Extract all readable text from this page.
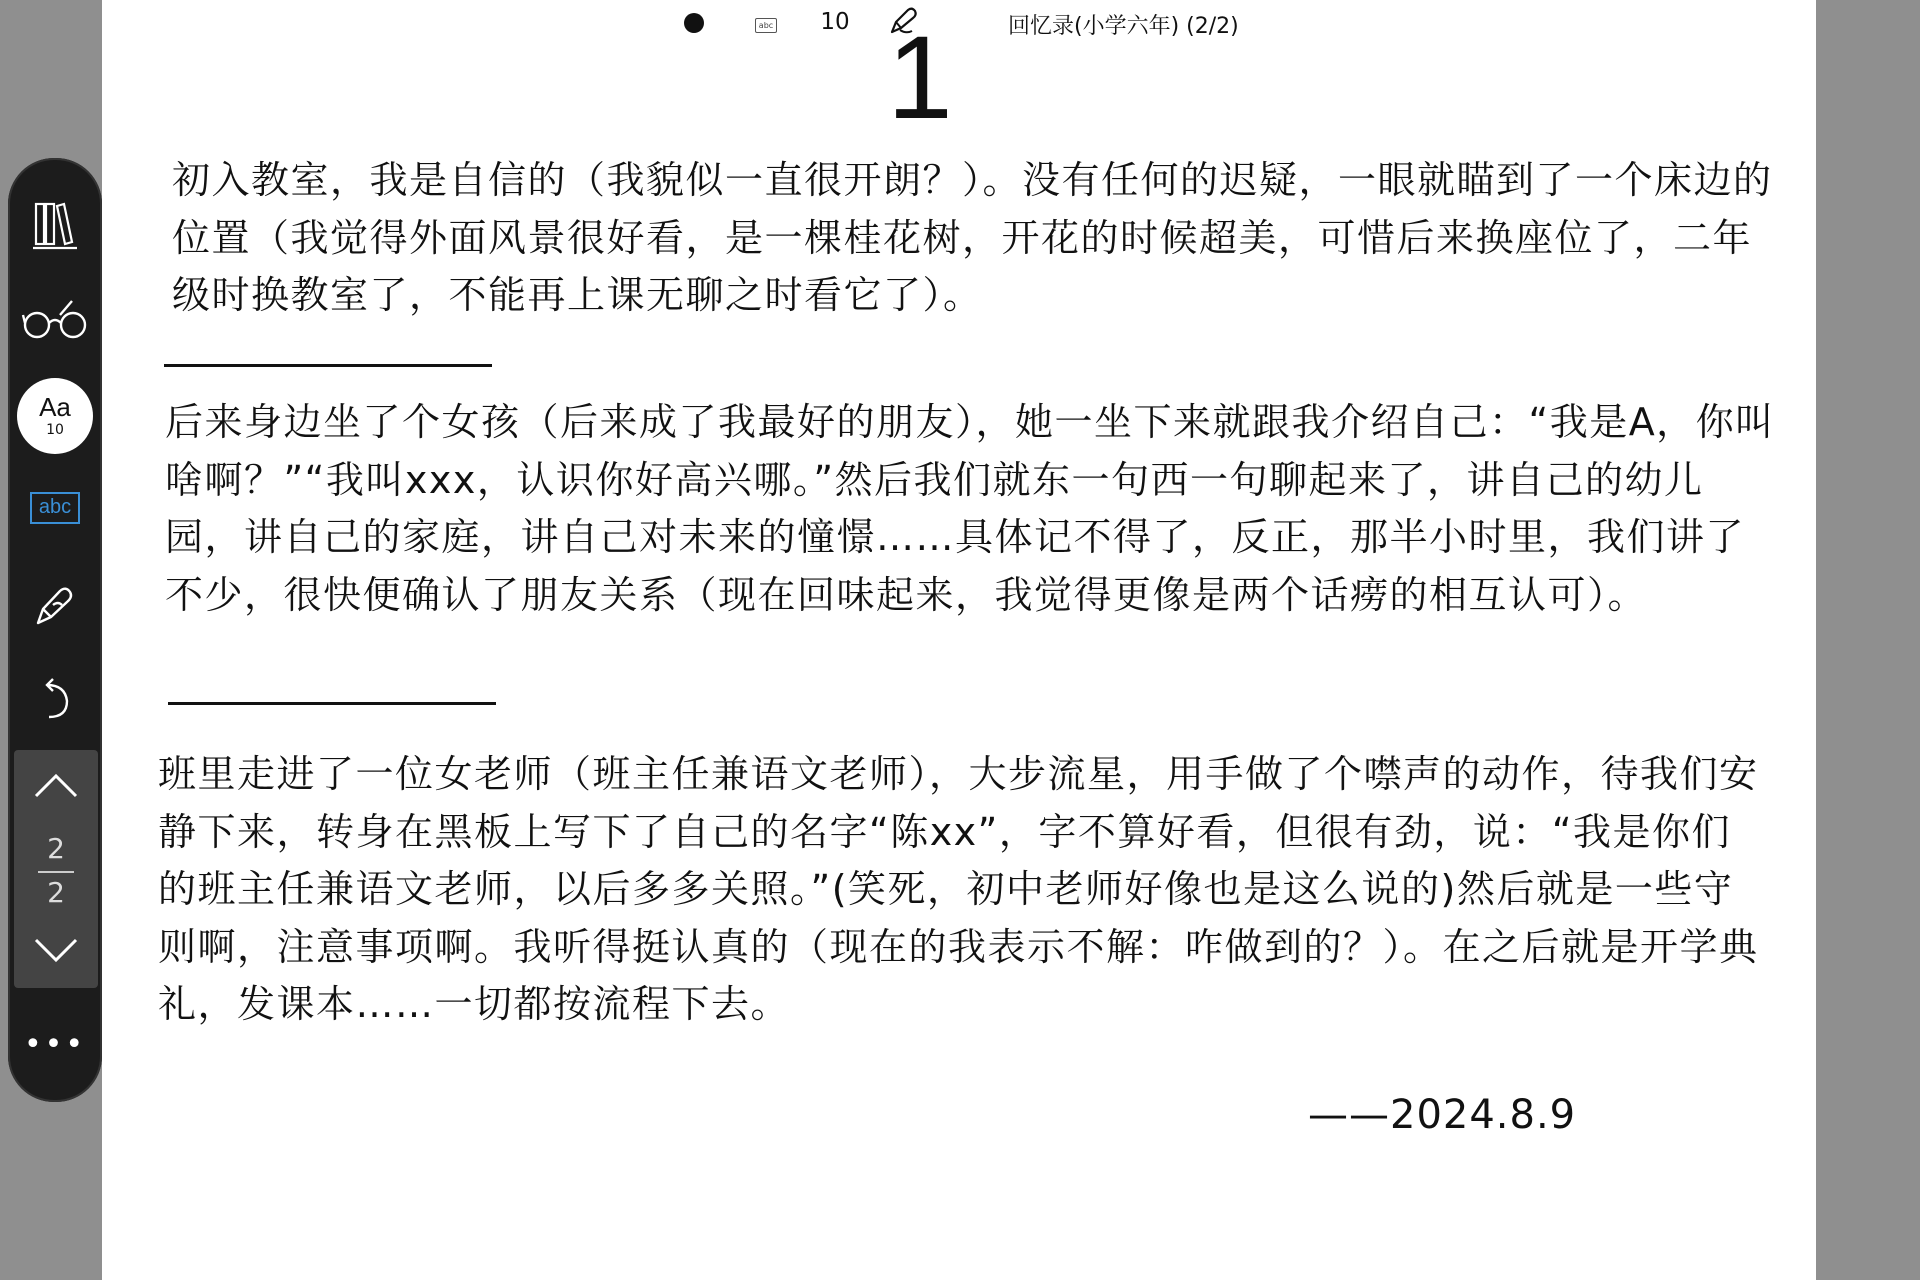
abc 10	回忆录(小学六年) (2/2)
1
初入教室，我是自信的（我貌似一直很开朗？）。没有任何的迟疑，一眼就瞄到了一个床边的位置（我觉得外面风景很好看，是一棵桂花树，开花的时候超美，可惜后来换座位了，二年级时换教室了，不能再上课无聊之时看它了）。
后来身边坐了个女孩（后来成了我最好的朋友），她一坐下来就跟我介绍自己：“我是A，你叫啥啊？”“我叫xxx，认识你好高兴哪。”然后我们就东一句西一句聊起来了，讲自己的幼儿园，讲自己的家庭，讲自己对未来的憧憬……具体记不得了，反正，那半小时里，我们讲了不少，很快便确认了朋友关系（现在回味起来，我觉得更像是两个话痨的相互认可）。
班里走进了一位女老师（班主任兼语文老师），大步流星，用手做了个噤声的动作，待我们安静下来，转身在黑板上写下了自己的名字“陈xx”，字不算好看，但很有劲，说：“我是你们的班主任兼语文老师，以后多多关照。”(笑死，初中老师好像也是这么说的)然后就是一些守则啊，注意事项啊。我听得挺认真的（现在的我表示不解：咋做到的？）。在之后就是开学典礼，发课本……一切都按流程下去。
——2024.8.9
Aa
10
abc
2
2
•••
